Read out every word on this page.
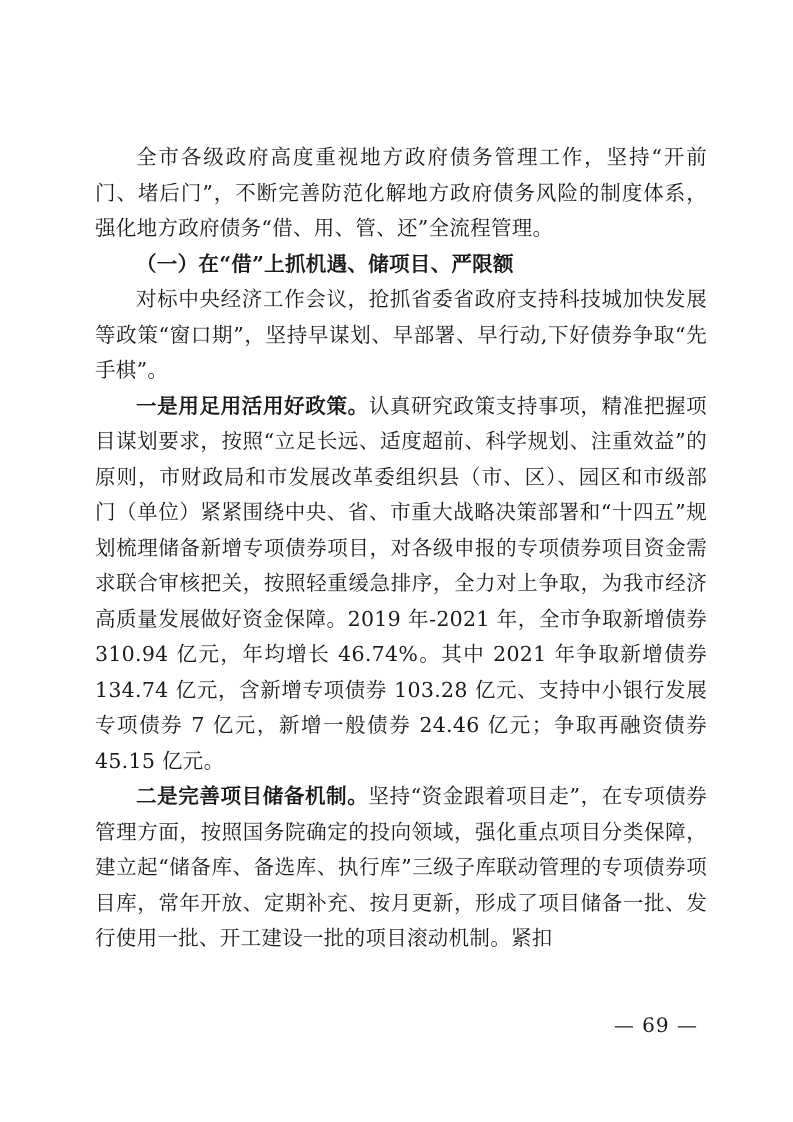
全市各级政府高度重视地方政府债务管理工作，坚持“开前门、堵后门”，不断完善防范化解地方政府债务风险的制度体系，强化地方政府债务“借、用、管、还”全流程管理。

（一）在“借”上抓机遇、储项目、严限额

对标中央经济工作会议，抢抓省委省政府支持科技城加快发展等政策“窗口期”，坚持早谋划、早部署、早行动,下好债券争取“先手棋”。

一是用足用活用好政策。认真研究政策支持事项，精准把握项目谋划要求，按照“立足长远、适度超前、科学规划、注重效益”的原则，市财政局和市发展改革委组织县（市、区）、园区和市级部门（单位）紧紧围绕中央、省、市重大战略决策部署和“十四五”规划梳理储备新增专项债券项目，对各级申报的专项债券项目资金需求联合审核把关，按照轻重缓急排序，全力对上争取，为我市经济高质量发展做好资金保障。2019 年-2021 年，全市争取新增债券 310.94 亿元，年均增长 46.74%。其中 2021 年争取新增债券 134.74 亿元，含新增专项债券 103.28 亿元、支持中小银行发展专项债券 7 亿元，新增一般债券 24.46 亿元；争取再融资债券 45.15 亿元。

二是完善项目储备机制。坚持“资金跟着项目走”，在专项债券管理方面，按照国务院确定的投向领域，强化重点项目分类保障，建立起“储备库、备选库、执行库”三级子库联动管理的专项债券项目库，常年开放、定期补充、按月更新，形成了项目储备一批、发行使用一批、开工建设一批的项目滚动机制。紧扣

— 69 —
